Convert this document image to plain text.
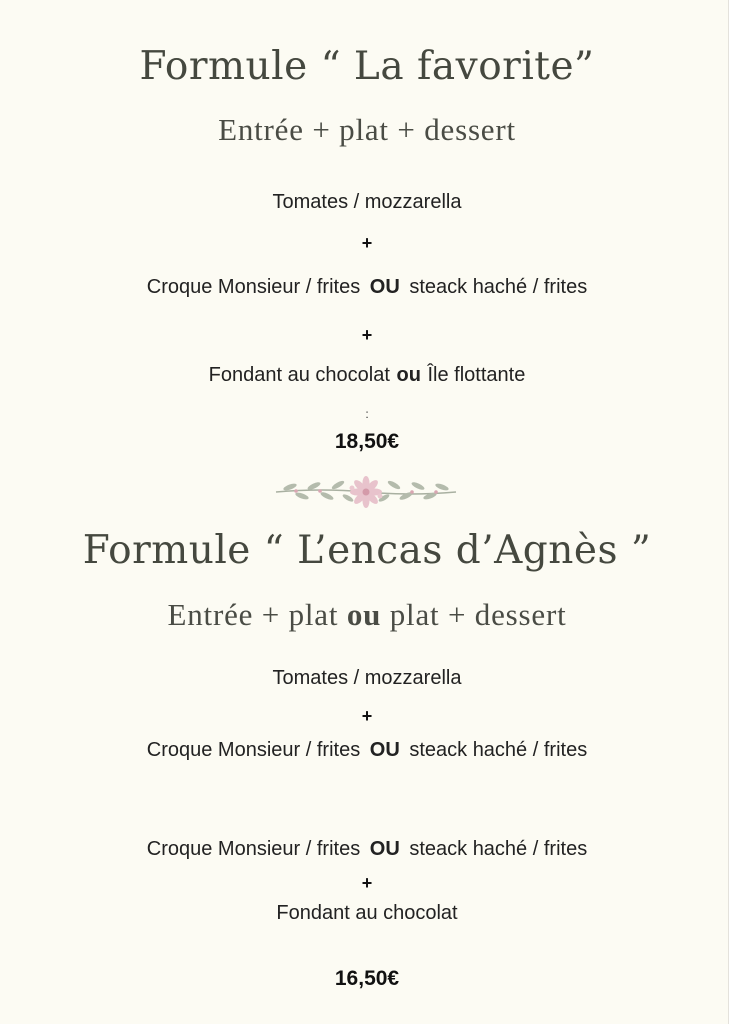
Formule “ La favorite”
Entrée + plat + dessert
Tomates / mozzarella
+
Croque Monsieur / frites OU steack haché / frites
+
Fondant au chocolat ou Île flottante
:
18,50€
Formule “ L’encas d’Agnès ”
Entrée + plat ou plat + dessert
Tomates / mozzarella
+
Croque Monsieur / frites OU steack haché / frites
Croque Monsieur / frites OU steack haché / frites
+
Fondant au chocolat
16,50€
